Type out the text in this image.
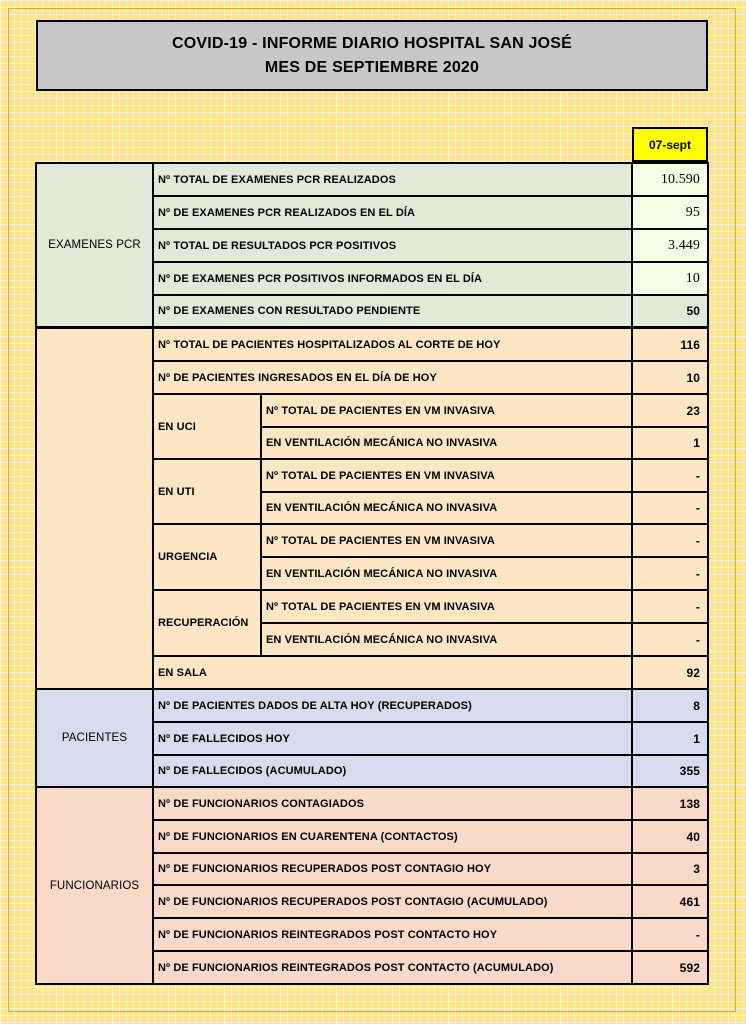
COVID-19 - INFORME DIARIO HOSPITAL SAN JOSÉ
MES DE SEPTIEMBRE 2020
07-sept
EXAMENES PCR
Nº TOTAL DE EXAMENES PCR REALIZADOS	10.590
Nº DE EXAMENES PCR REALIZADOS EN EL DÍA	95
Nº TOTAL DE RESULTADOS PCR POSITIVOS	3.449
Nº DE EXAMENES PCR POSITIVOS INFORMADOS EN EL DÍA	10
Nº DE EXAMENES CON RESULTADO PENDIENTE	50
Nº TOTAL DE PACIENTES HOSPITALIZADOS AL CORTE DE HOY	116
Nº DE PACIENTES INGRESADOS EN EL DÍA DE HOY	10
EN UCI
Nº TOTAL DE PACIENTES EN VM INVASIVA	23
EN VENTILACIÓN MECÁNICA NO INVASIVA	1
EN UTI
Nº TOTAL DE PACIENTES EN VM INVASIVA	-
EN VENTILACIÓN MECÁNICA NO INVASIVA	-
URGENCIA
Nº TOTAL DE PACIENTES EN VM INVASIVA	-
EN VENTILACIÓN MECÁNICA NO INVASIVA	-
RECUPERACIÓN
Nº TOTAL DE PACIENTES EN VM INVASIVA	-
EN VENTILACIÓN MECÁNICA NO INVASIVA	-
EN SALA	92
PACIENTES
Nº DE PACIENTES DADOS DE ALTA HOY (RECUPERADOS)	8
Nº DE FALLECIDOS HOY	1
Nº DE FALLECIDOS (ACUMULADO)	355
FUNCIONARIOS
Nº DE FUNCIONARIOS CONTAGIADOS	138
Nº DE FUNCIONARIOS EN CUARENTENA (CONTACTOS)	40
Nº DE FUNCIONARIOS RECUPERADOS POST CONTAGIO HOY	3
Nº DE FUNCIONARIOS RECUPERADOS POST CONTAGIO (ACUMULADO)	461
Nº DE FUNCIONARIOS REINTEGRADOS POST CONTACTO HOY	-
Nº DE FUNCIONARIOS REINTEGRADOS POST CONTACTO (ACUMULADO)	592
